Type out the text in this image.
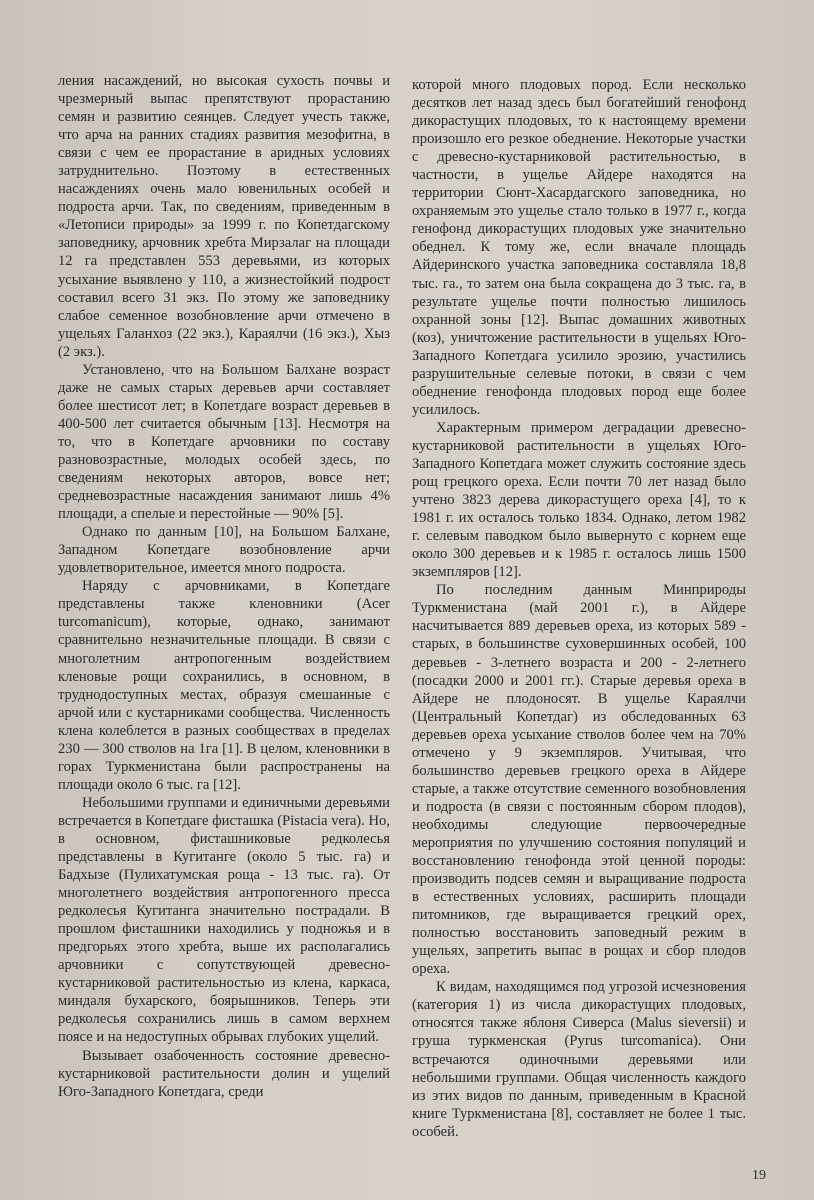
ления насаждений, но высокая сухость почвы и чрезмерный выпас препятствуют прорастанию семян и развитию сеянцев. Следует учесть также, что арча на ранних стадиях развития мезофитна, в связи с чем ее прорастание в аридных условиях затруднительно. Поэтому в естественных насаждениях очень мало ювенильных особей и подроста арчи. Так, по сведениям, приведенным в «Летописи природы» за 1999 г. по Копетдагскому заповеднику, арчовник хребта Мирзалаг на площади 12 га представлен 553 деревьями, из которых усыхание выявлено у 110, а жизнестойкий подрост составил всего 31 экз. По этому же заповеднику слабое семенное возобновление арчи отмечено в ущельях Галанхоз (22 экз.), Караялчи (16 экз.), Хыз (2 экз.).

Установлено, что на Большом Балхане возраст даже не самых старых деревьев арчи составляет более шестисот лет; в Копетдаге возраст деревьев в 400-500 лет считается обычным [13]. Несмотря на то, что в Копетдаге арчовники по составу разновозрастные, молодых особей здесь, по сведениям некоторых авторов, вовсе нет; средневозрастные насаждения занимают лишь 4% площади, а спелые и перестойные — 90% [5].

Однако по данным [10], на Большом Балхане, Западном Копетдаге возобновление арчи удовлетворительное, имеется много подроста.

Наряду с арчовниками, в Копетдаге представлены также кленовники (Acer turcomanicum), которые, однако, занимают сравнительно незначительные площади. В связи с многолетним антропогенным воздействием кленовые рощи сохранились, в основном, в труднодоступных местах, образуя смешанные с арчой или с кустарниками сообщества. Численность клена колеблется в разных сообществах в пределах 230 — 300 стволов на 1га [1]. В целом, кленовники в горах Туркменистана были распространены на площади около 6 тыс. га [12].

Небольшими группами и единичными деревьями встречается в Копетдаге фисташка (Pistacia vera). Но, в основном, фисташниковые редколесья представлены в Кугитанге (около 5 тыс. га) и Бадхызе (Пулихатумская роща - 13 тыс. га). От многолетнего воздействия антропогенного пресса редколесья Кугитанга значительно пострадали. В прошлом фисташники находились у подножья и в предгорьях этого хребта, выше их располагались арчовники с сопутствующей древесно-кустарниковой растительностью из клена, каркаса, миндаля бухарского, боярышников. Теперь эти редколесья сохранились лишь в самом верхнем поясе и на недоступных обрывах глубоких ущелий.

Вызывает озабоченность состояние древесно-кустарниковой растительности долин и ущелий Юго-Западного Копетдага, среди

которой много плодовых пород. Если несколько десятков лет назад здесь был богатейший генофонд дикорастущих плодовых, то к настоящему времени произошло его резкое обеднение. Некоторые участки с древесно-кустарниковой растительностью, в частности, в ущелье Айдере находятся на территории Сюнт-Хасардагского заповедника, но охраняемым это ущелье стало только в 1977 г., когда генофонд дикорастущих плодовых уже значительно обеднел. К тому же, если вначале площадь Айдеринского участка заповедника составляла 18,8 тыс. га., то затем она была сокращена до 3 тыс. га, в результате ущелье почти полностью лишилось охранной зоны [12]. Выпас домашних животных (коз), уничтожение растительности в ущельях Юго-Западного Копетдага усилило эрозию, участились разрушительные селевые потоки, в связи с чем обеднение генофонда плодовых пород еще более усилилось.

Характерным примером деградации древесно-кустарниковой растительности в ущельях Юго-Западного Копетдага может служить состояние здесь рощ грецкого ореха. Если почти 70 лет назад было учтено 3823 дерева дикорастущего ореха [4], то к 1981 г. их осталось только 1834. Однако, летом 1982 г. селевым паводком было вывернуто с корнем еще около 300 деревьев и к 1985 г. осталось лишь 1500 экземпляров [12].

По последним данным Минприроды Туркменистана (май 2001 г.), в Айдере насчитывается 889 деревьев ореха, из которых 589 - старых, в большинстве суховершинных особей, 100 деревьев - 3-летнего возраста и 200 - 2-летнего (посадки 2000 и 2001 гг.). Старые деревья ореха в Айдере не плодоносят. В ущелье Караялчи (Центральный Копетдаг) из обследованных 63 деревьев ореха усыхание стволов более чем на 70% отмечено у 9 экземпляров. Учитывая, что большинство деревьев грецкого ореха в Айдере старые, а также отсутствие семенного возобновления и подроста (в связи с постоянным сбором плодов), необходимы следующие первоочередные мероприятия по улучшению состояния популяций и восстановлению генофонда этой ценной породы: производить подсев семян и выращивание подроста в естественных условиях, расширить площади питомников, где выращивается грецкий орех, полностью восстановить заповедный режим в ущельях, запретить выпас в рощах и сбор плодов ореха.

К видам, находящимся под угрозой исчезновения (категория 1) из числа дикорастущих плодовых, относятся также яблоня Сиверса (Malus sieversii) и груша туркменская (Pyrus turcomanica). Они встречаются одиночными деревьями или небольшими группами. Общая численность каждого из этих видов по данным, приведенным в Красной книге Туркменистана [8], составляет не более 1 тыс. особей.

19
